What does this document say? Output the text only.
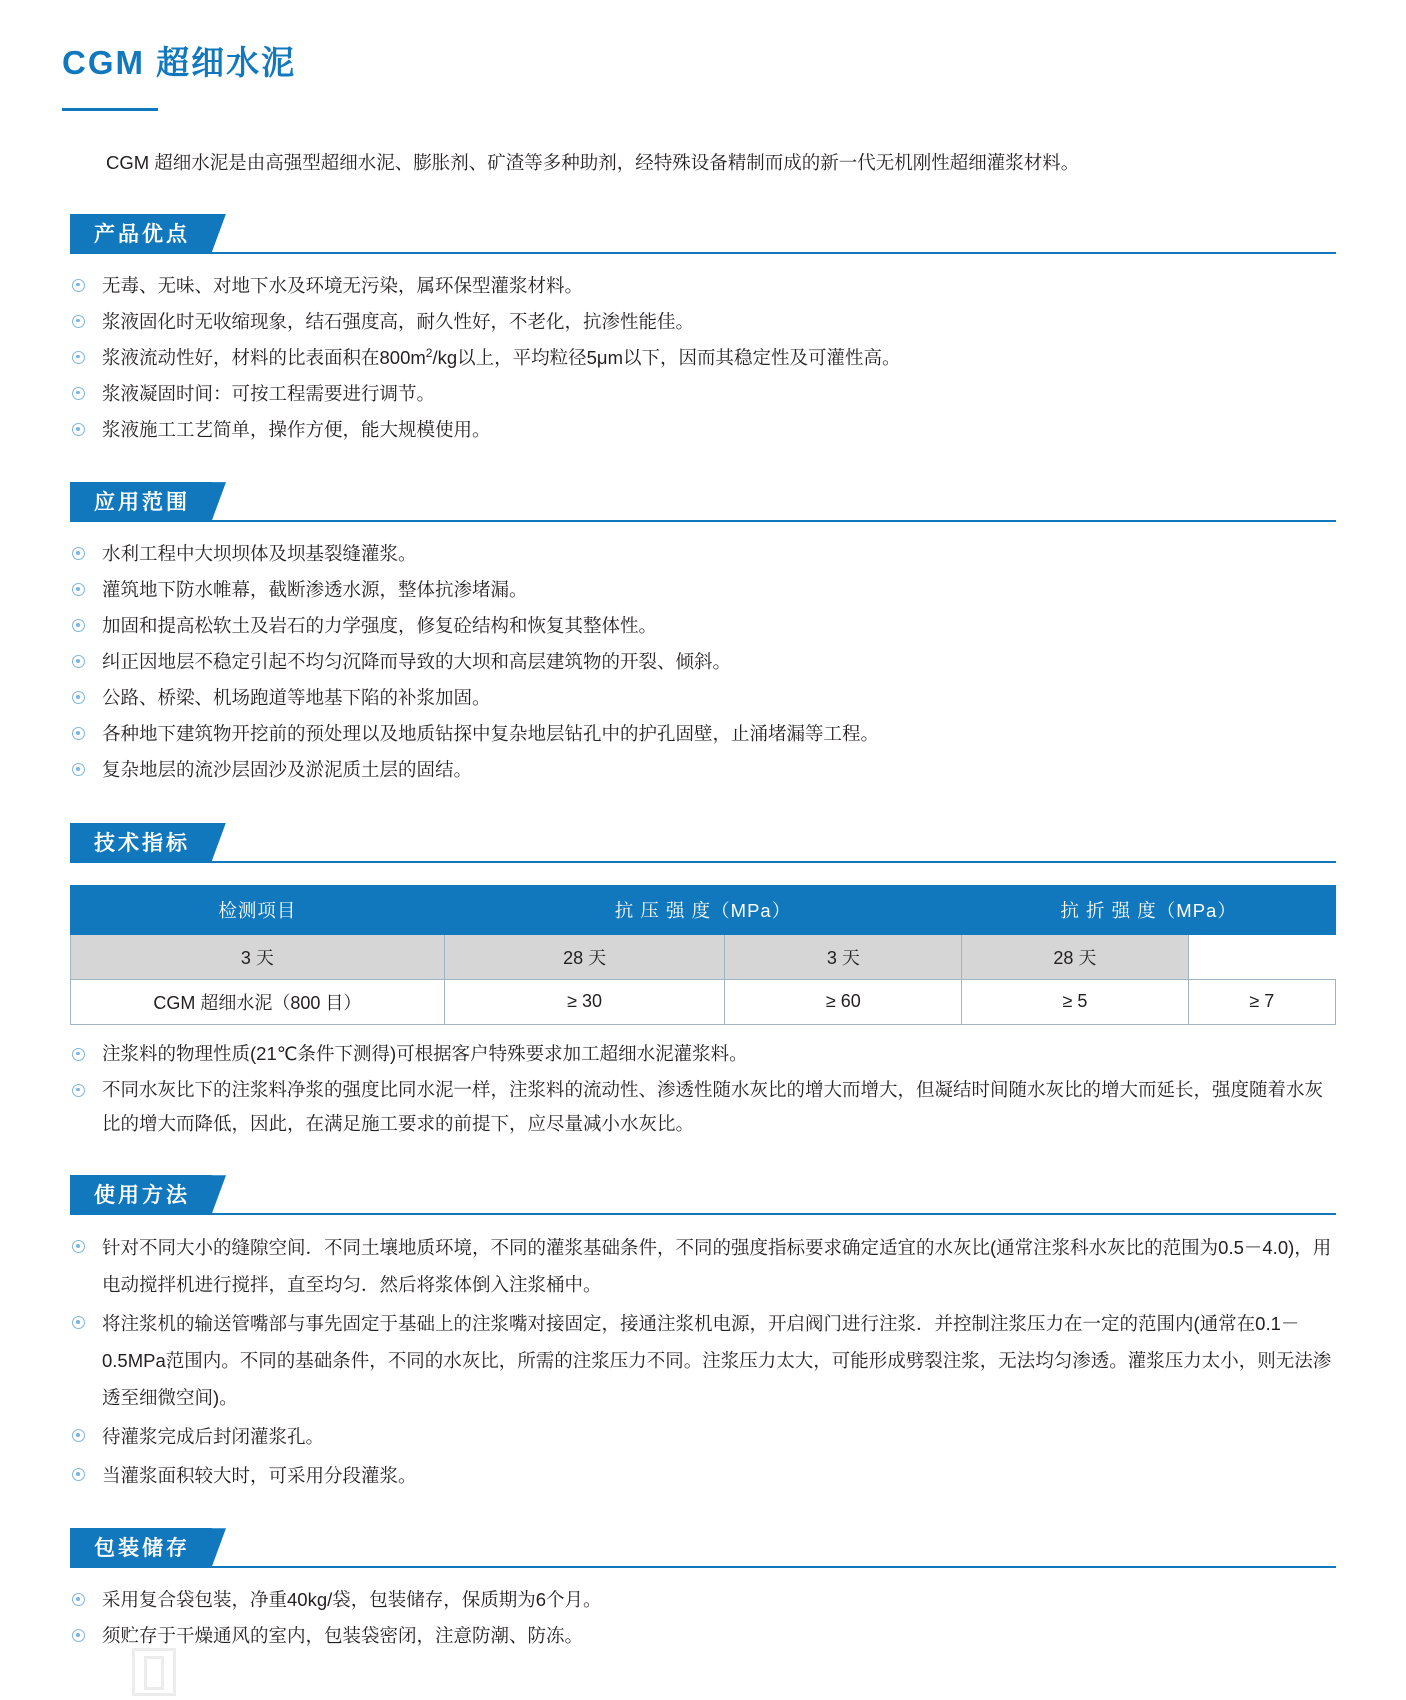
CGM 超细水泥

CGM 超细水泥是由高强型超细水泥、膨胀剂、矿渣等多种助剂，经特殊设备精制而成的新一代无机刚性超细灌浆材料。

产品优点
无毒、无味、对地下水及环境无污染，属环保型灌浆材料。
浆液固化时无收缩现象，结石强度高，耐久性好，不老化，抗渗性能佳。
浆液流动性好，材料的比表面积在$800m^2/kg$以上，平均粒径5μm以下，因而其稳定性及可灌性高。
浆液凝固时间：可按工程需要进行调节。
浆液施工工艺简单，操作方便，能大规模使用。
应用范围
水利工程中大坝坝体及坝基裂缝灌浆。
灌筑地下防水帷幕，截断渗透水源，整体抗渗堵漏。
加固和提高松软土及岩石的力学强度，修复砼结构和恢复其整体性。
纠正因地层不稳定引起不均匀沉降而导致的大坝和高层建筑物的开裂、倾斜。
公路、桥梁、机场跑道等地基下陷的补浆加固。
各种地下建筑物开挖前的预处理以及地质钻探中复杂地层钻孔中的护孔固壁，止涌堵漏等工程。
复杂地层的流沙层固沙及淤泥质土层的固结。
技术指标
检测项目	抗 压 强 度（MPa）		抗 折 强 度（MPa）	
3 天	28 天	3 天	28 天	
CGM 超细水泥（800 目）	≥ 30	≥ 60	≥ 5	≥ 7
注浆料的物理性质(21℃条件下测得)可根据客户特殊要求加工超细水泥灌浆料。
不同水灰比下的注浆料净浆的强度比同水泥一样，注浆料的流动性、渗透性随水灰比的增大而增大，但凝结时间随水灰比的增大而延长，强度随着水灰比的增大而降低，因此，在满足施工要求的前提下，应尽量减小水灰比。
使用方法
针对不同大小的缝隙空间．不同土壤地质环境，不同的灌浆基础条件，不同的强度指标要求确定适宜的水灰比(通常注浆科水灰比的范围为0.5－4.0)，用电动搅拌机进行搅拌，直至均匀．然后将浆体倒入注浆桶中。
将注浆机的输送管嘴部与事先固定于基础上的注浆嘴对接固定，接通注浆机电源，开启阀门进行注浆．并控制注浆压力在一定的范围内(通常在0.1－0.5MPa范围内。不同的基础条件，不同的水灰比，所需的注浆压力不同。注浆压力太大，可能形成劈裂注浆，无法均匀渗透。灌浆压力太小，则无法渗透至细微空间)。
待灌浆完成后封闭灌浆孔。
当灌浆面积较大时，可采用分段灌浆。
包装储存
采用复合袋包装，净重40kg/袋，包装储存，保质期为6个月。
须贮存于干燥通风的室内，包装袋密闭，注意防潮、防冻。
